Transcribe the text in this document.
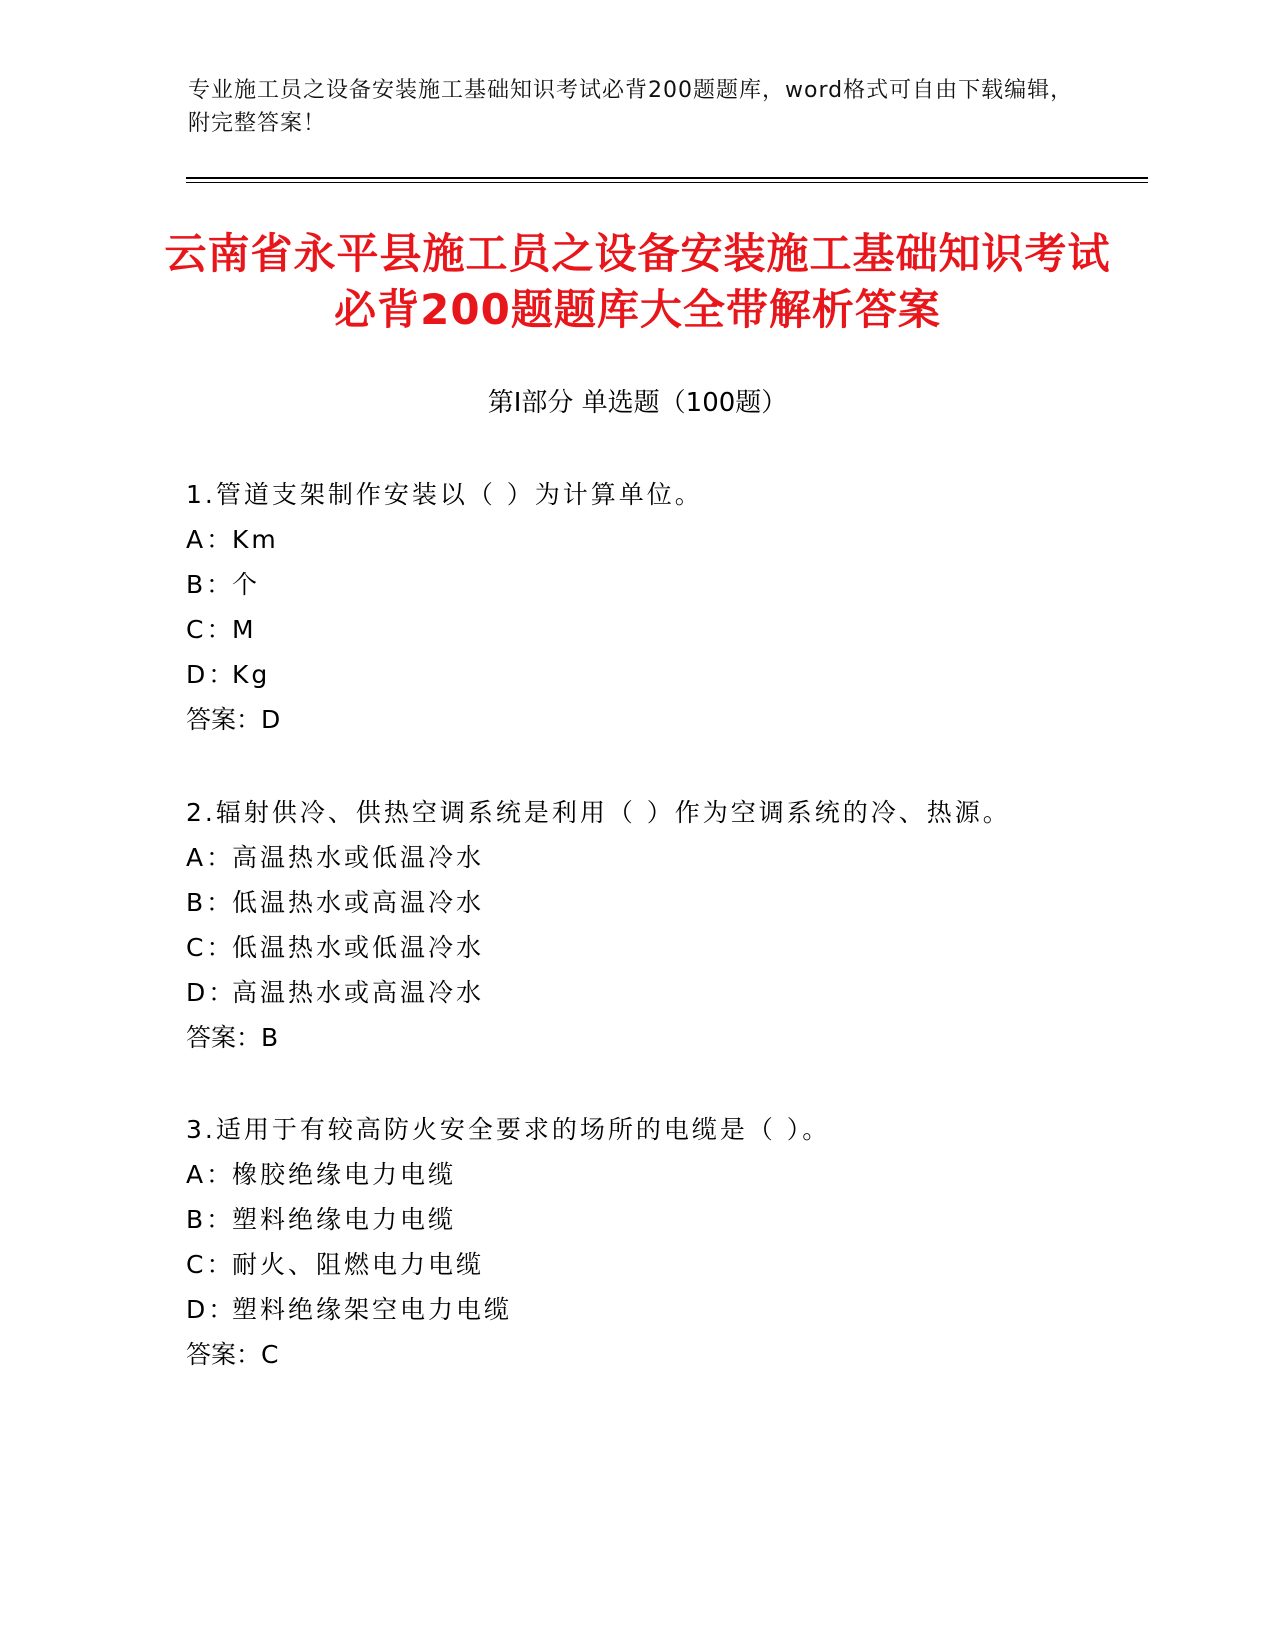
专业施工员之设备安装施工基础知识考试必背200题题库，word格式可自由下载编辑，附完整答案！
云南省永平县施工员之设备安装施工基础知识考试必背200题题库大全带解析答案
第Ⅰ部分 单选题（100题）
1.管道支架制作安装以（ ）为计算单位。
A：Km
B：个
C：M
D：Kg
答案：D
2.辐射供冷、供热空调系统是利用（ ）作为空调系统的冷、热源。
A：高温热水或低温冷水
B：低温热水或高温冷水
C：低温热水或低温冷水
D：高温热水或高温冷水
答案：B
3.适用于有较高防火安全要求的场所的电缆是（ ）。
A：橡胶绝缘电力电缆
B：塑料绝缘电力电缆
C：耐火、阻燃电力电缆
D：塑料绝缘架空电力电缆
答案：C
